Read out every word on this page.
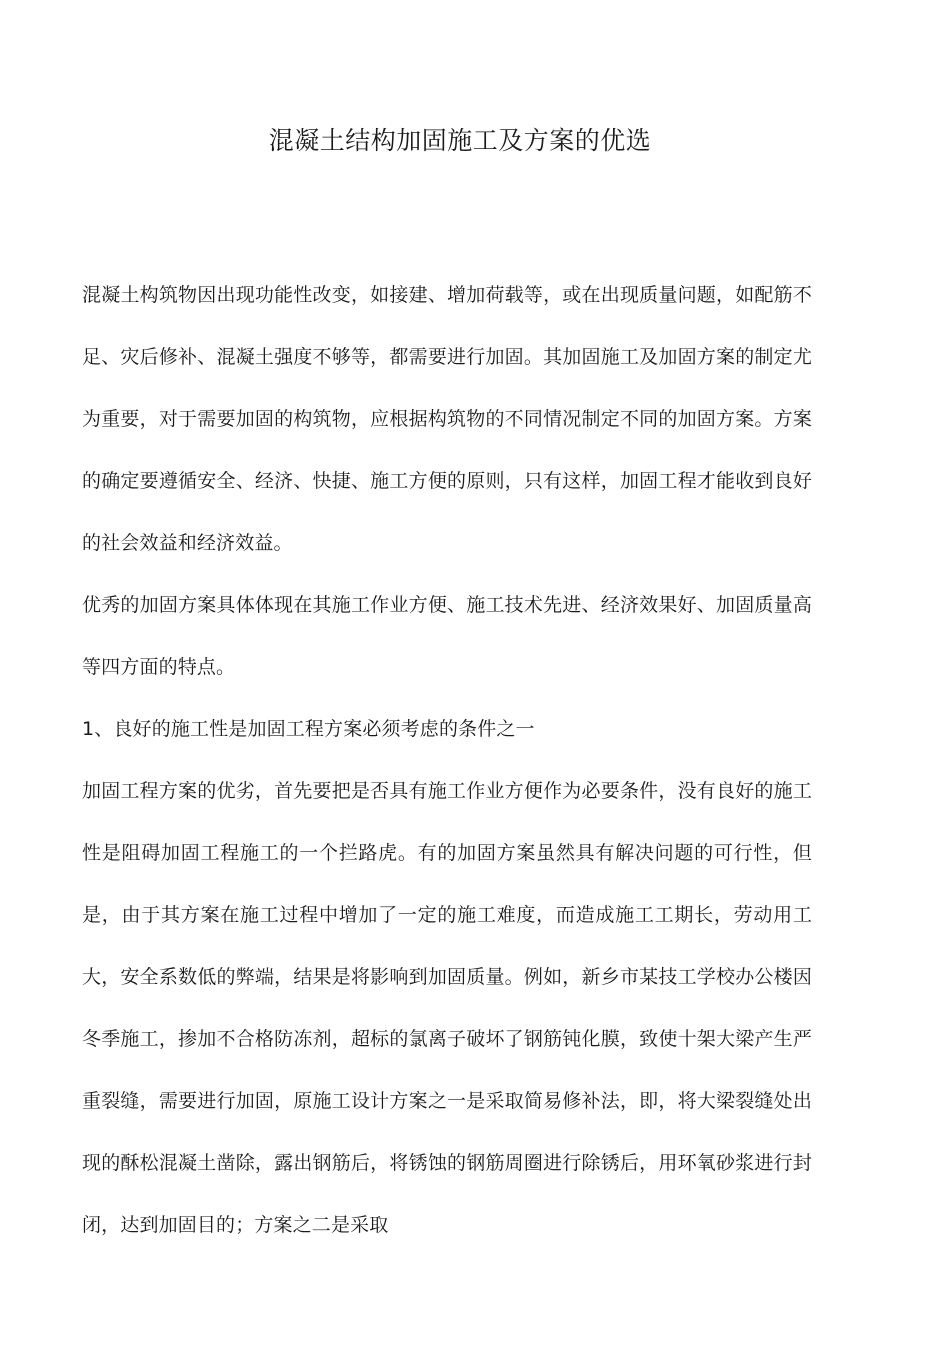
混凝土结构加固施工及方案的优选

混凝土构筑物因出现功能性改变，如接建、增加荷载等，或在出现质量问题，如配筋不足、灾后修补、混凝土强度不够等，都需要进行加固。其加固施工及加固方案的制定尤为重要，对于需要加固的构筑物，应根据构筑物的不同情况制定不同的加固方案。方案的确定要遵循安全、经济、快捷、施工方便的原则，只有这样，加固工程才能收到良好的社会效益和经济效益。

优秀的加固方案具体体现在其施工作业方便、施工技术先进、经济效果好、加固质量高等四方面的特点。

1、良好的施工性是加固工程方案必须考虑的条件之一

加固工程方案的优劣，首先要把是否具有施工作业方便作为必要条件，没有良好的施工性是阻碍加固工程施工的一个拦路虎。有的加固方案虽然具有解决问题的可行性，但是，由于其方案在施工过程中增加了一定的施工难度，而造成施工工期长，劳动用工大，安全系数低的弊端，结果是将影响到加固质量。例如，新乡市某技工学校办公楼因冬季施工，掺加不合格防冻剂，超标的氯离子破坏了钢筋钝化膜，致使十架大梁产生严重裂缝，需要进行加固，原施工设计方案之一是采取简易修补法，即，将大梁裂缝处出现的酥松混凝土凿除，露出钢筋后，将锈蚀的钢筋周圈进行除锈后，用环氧砂浆进行封闭，达到加固目的；方案之二是采取
